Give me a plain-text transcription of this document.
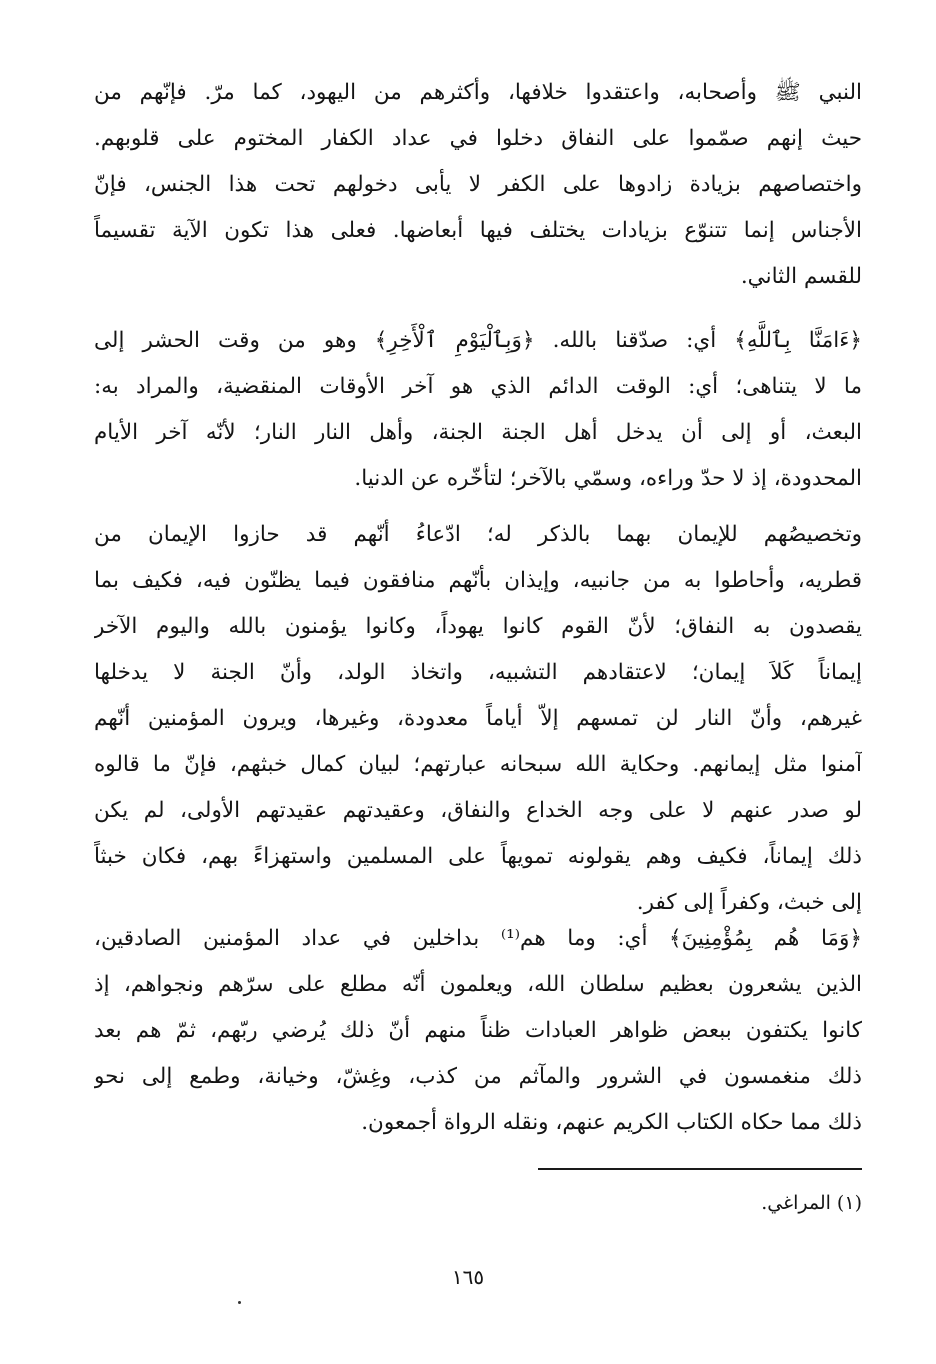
النبي ﷺ وأصحابه، واعتقدوا خلافها، وأكثرهم من اليهود، كما مرّ. فإنّهم من
حيث إنهم صمّموا على النفاق دخلوا في عداد الكفار المختوم على قلوبهم.
واختصاصهم بزيادة زادوها على الكفر لا يأبى دخولهم تحت هذا الجنس، فإنّ
الأجناس إنما تتنوّع بزيادات يختلف فيها أبعاضها. فعلى هذا تكون الآية تقسيماً
للقسم الثاني.
﴿ءَامَنَّا بِٱللَّهِ﴾ أي: صدّقنا بالله. ﴿وَبِٱلْيَوْمِ ٱلْأَخِرِ﴾ وهو من وقت الحشر إلى
ما لا يتناهى؛ أي: الوقت الدائم الذي هو آخر الأوقات المنقضية، والمراد به:
البعث، أو إلى أن يدخل أهل الجنة الجنة، وأهل النار النار؛ لأنّه آخر الأيام
المحدودة، إذ لا حدّ وراءه، وسمّي بالآخر؛ لتأخّره عن الدنيا.
وتخصيصُهم للإيمان بهما بالذكر له؛ ادّعاءُ أنّهم قد حازوا الإيمان من
قطريه، وأحاطوا به من جانبيه، وإيذان بأنّهم منافقون فيما يظنّون فيه، فكيف بما
يقصدون به النفاق؛ لأنّ القوم كانوا يهوداً، وكانوا يؤمنون بالله واليوم الآخر
إيماناً كَلاَ إيمان؛ لاعتقادهم التشبيه، واتخاذ الولد، وأنّ الجنة لا يدخلها
غيرهم، وأنّ النار لن تمسهم إلاّ أياماً معدودة، وغيرها، ويرون المؤمنين أنّهم
آمنوا مثل إيمانهم. وحكاية الله سبحانه عبارتهم؛ لبيان كمال خبثهم، فإنّ ما قالوه
لو صدر عنهم لا على وجه الخداع والنفاق، وعقيدتهم عقيدتهم الأولى، لم يكن
ذلك إيماناً، فكيف وهم يقولونه تمويهاً على المسلمين واستهزاءً بهم، فكان خبثاً
إلى خبث، وكفراً إلى كفر.
﴿وَمَا هُم بِمُؤْمِنِينَ﴾ أي: وما هم⁽¹⁾ بداخلين في عداد المؤمنين الصادقين،
الذين يشعرون بعظيم سلطان الله، ويعلمون أنّه مطلع على سرّهم ونجواهم، إذ
كانوا يكتفون ببعض ظواهر العبادات ظناً منهم أنّ ذلك يُرضي ربّهم، ثمّ هم بعد
ذلك منغمسون في الشرور والمآثم من كذب، وغِشّ، وخيانة، وطمع إلى نحو
ذلك مما حكاه الكتاب الكريم عنهم، ونقله الرواة أجمعون.
(١) المراغي.
١٦٥
